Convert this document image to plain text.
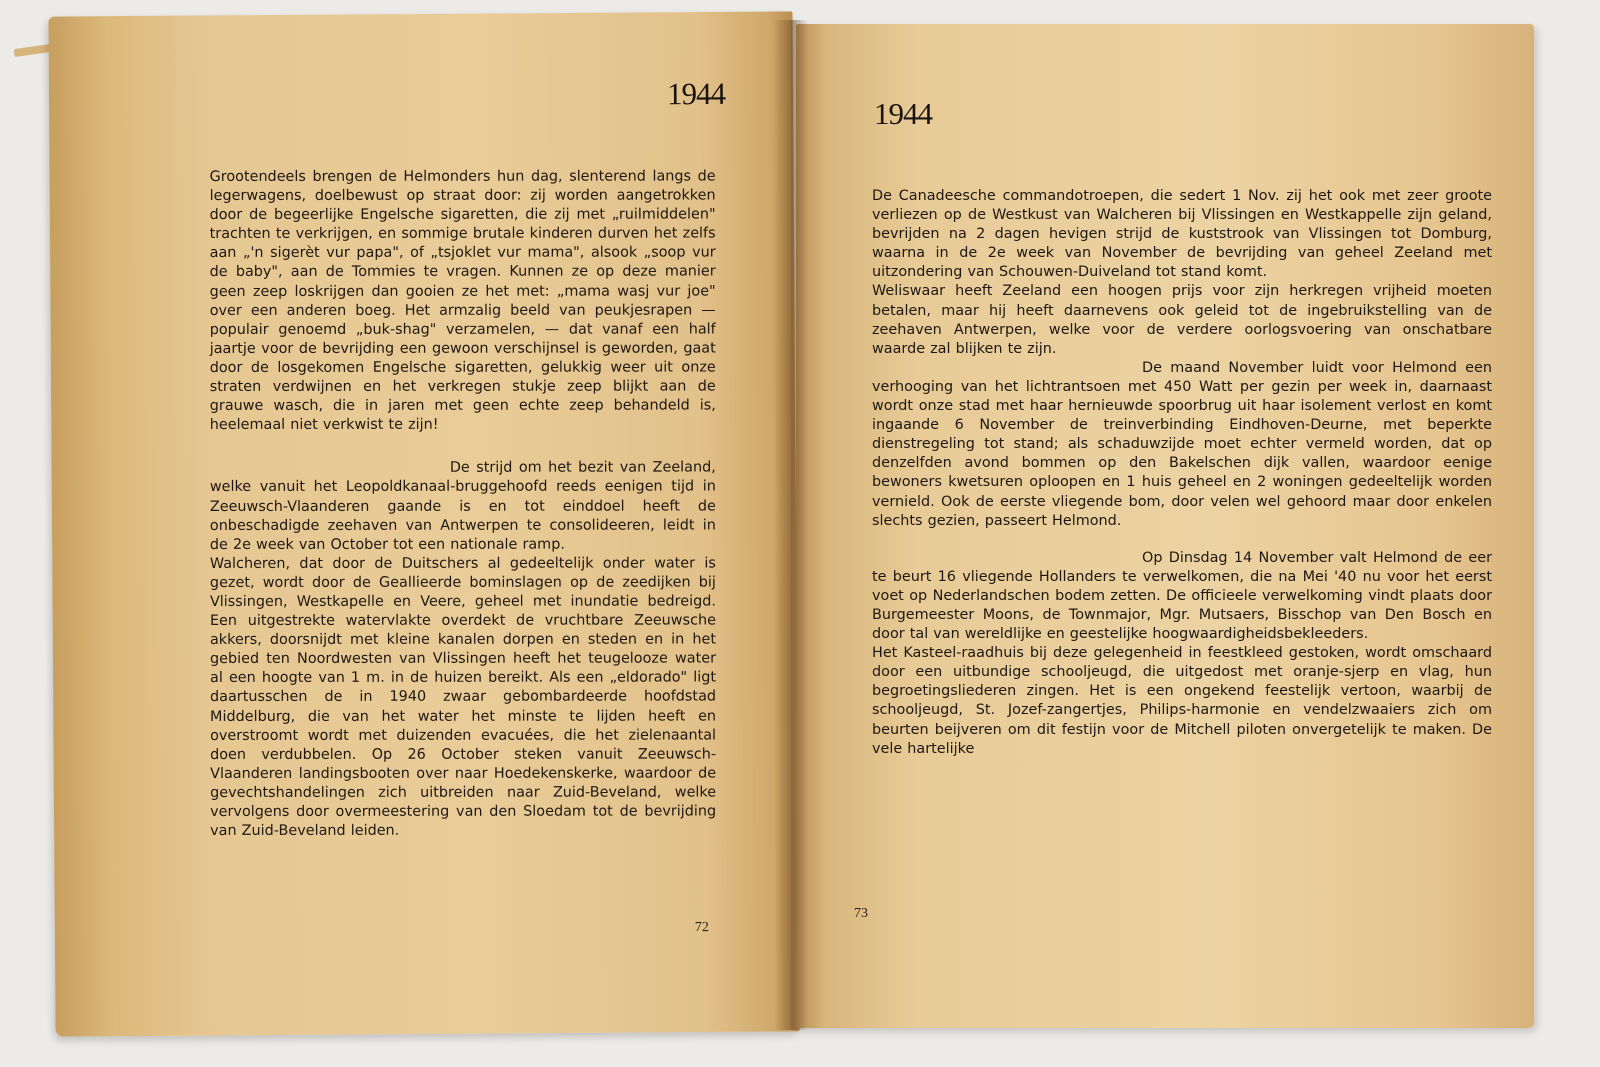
1944

Grootendeels brengen de Helmonders hun dag, slenterend langs de legerwagens, doelbewust op straat door: zij worden aangetrokken door de begeerlijke Engelsche sigaretten, die zij met „ruilmiddelen" trachten te verkrijgen, en sommige brutale kinderen durven het zelfs aan „'n sigerèt vur papa", of „tsjoklet vur mama", alsook „soop vur de baby", aan de Tommies te vragen. Kunnen ze op deze manier geen zeep loskrijgen dan gooien ze het met: „mama wasj vur joe" over een anderen boeg. Het armzalig beeld van peukjesrapen — populair genoemd „buk-shag" verzamelen, — dat vanaf een half jaartje voor de bevrijding een gewoon verschijnsel is geworden, gaat door de losgekomen Engelsche sigaretten, gelukkig weer uit onze straten verdwijnen en het verkregen stukje zeep blijkt aan de grauwe wasch, die in jaren met geen echte zeep behandeld is, heelemaal niet verkwist te zijn!

De strijd om het bezit van Zeeland, welke vanuit het Leopoldkanaal-bruggehoofd reeds eenigen tijd in Zeeuwsch-Vlaanderen gaande is en tot einddoel heeft de onbeschadigde zeehaven van Antwerpen te consolideeren, leidt in de 2e week van October tot een nationale ramp.

Walcheren, dat door de Duitschers al gedeeltelijk onder water is gezet, wordt door de Geallieerde bominslagen op de zeedijken bij Vlissingen, Westkapelle en Veere, geheel met inundatie bedreigd. Een uitgestrekte watervlakte overdekt de vruchtbare Zeeuwsche akkers, doorsnijdt met kleine kanalen dorpen en steden en in het gebied ten Noordwesten van Vlissingen heeft het teugelooze water al een hoogte van 1 m. in de huizen bereikt. Als een „eldorado" ligt daartusschen de in 1940 zwaar gebombardeerde hoofdstad Middelburg, die van het water het minste te lijden heeft en overstroomt wordt met duizenden evacuées, die het zielenaantal doen verdubbelen. Op 26 October steken vanuit Zeeuwsch-Vlaanderen landingsbooten over naar Hoedekenskerke, waardoor de gevechtshandelingen zich uitbreiden naar Zuid-Beveland, welke vervolgens door overmeestering van den Sloedam tot de bevrijding van Zuid-Beveland leiden.

72
1944

De Canadeesche commandotroepen, die sedert 1 Nov. zij het ook met zeer groote verliezen op de Westkust van Walcheren bij Vlissingen en Westkappelle zijn geland, bevrijden na 2 dagen hevigen strijd de kuststrook van Vlissingen tot Domburg, waarna in de 2e week van November de bevrijding van geheel Zeeland met uitzondering van Schouwen-Duiveland tot stand komt.

Weliswaar heeft Zeeland een hoogen prijs voor zijn herkregen vrijheid moeten betalen, maar hij heeft daarnevens ook geleid tot de ingebruikstelling van de zeehaven Antwerpen, welke voor de verdere oorlogsvoering van onschatbare waarde zal blijken te zijn.

De maand November luidt voor Helmond een verhooging van het lichtrantsoen met 450 Watt per gezin per week in, daarnaast wordt onze stad met haar hernieuwde spoorbrug uit haar isolement verlost en komt ingaande 6 November de treinverbinding Eindhoven-Deurne, met beperkte dienstregeling tot stand; als schaduwzijde moet echter vermeld worden, dat op denzelfden avond bommen op den Bakelschen dijk vallen, waardoor eenige bewoners kwetsuren oploopen en 1 huis geheel en 2 woningen gedeeltelijk worden vernield. Ook de eerste vliegende bom, door velen wel gehoord maar door enkelen slechts gezien, passeert Helmond.

Op Dinsdag 14 November valt Helmond de eer te beurt 16 vliegende Hollanders te verwelkomen, die na Mei '40 nu voor het eerst voet op Nederlandschen bodem zetten. De officieele verwelkoming vindt plaats door Burgemeester Moons, de Townmajor, Mgr. Mutsaers, Bisschop van Den Bosch en door tal van wereldlijke en geestelijke hoogwaardigheidsbekleeders.

Het Kasteel-raadhuis bij deze gelegenheid in feestkleed gestoken, wordt omschaard door een uitbundige schooljeugd, die uitgedost met oranje-sjerp en vlag, hun begroetingsliederen zingen. Het is een ongekend feestelijk vertoon, waarbij de schooljeugd, St. Jozef-zangertjes, Philips-harmonie en vendelzwaaiers zich om beurten beijveren om dit festijn voor de Mitchell piloten onvergetelijk te maken. De vele hartelijke

73
